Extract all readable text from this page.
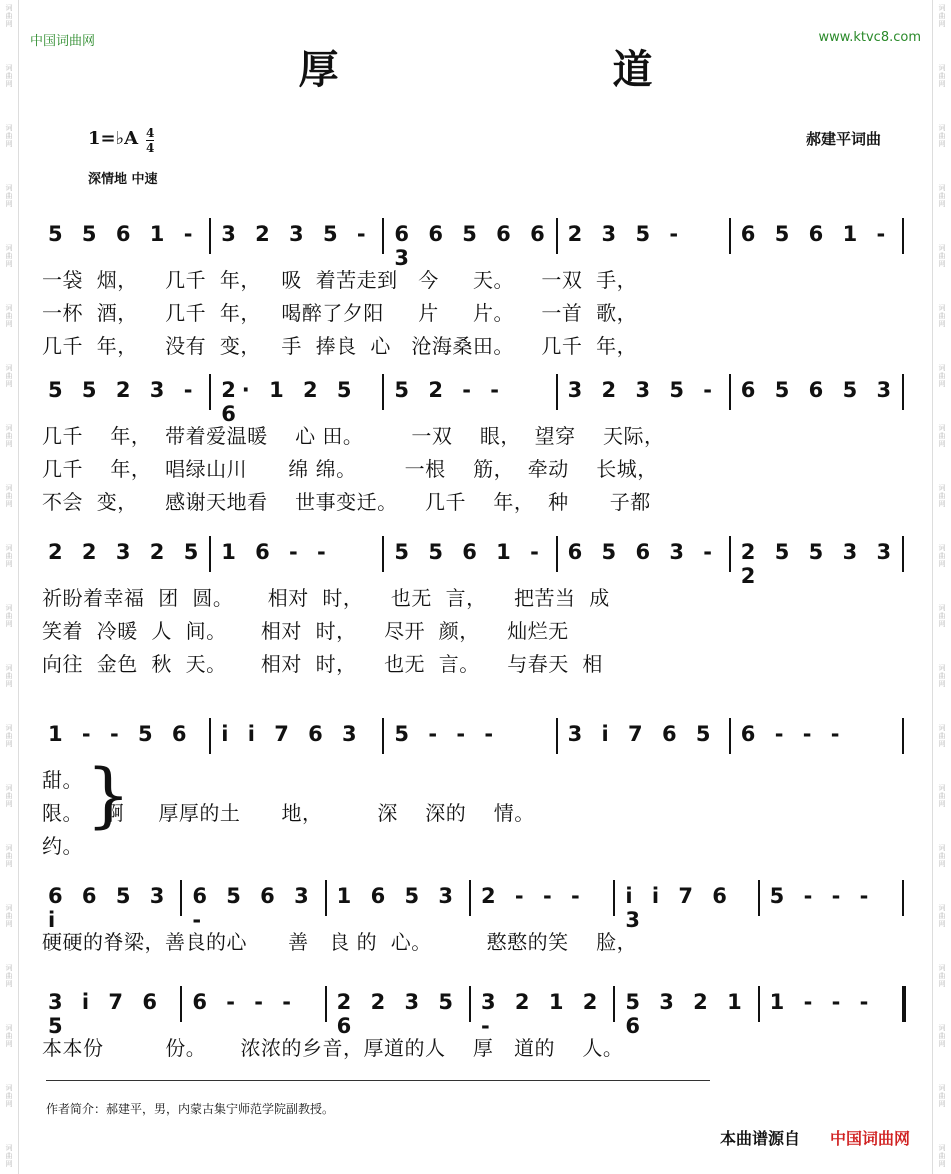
词曲网
词曲网
词曲网
词曲网
词曲网
词曲网
词曲网
词曲网
词曲网
词曲网
词曲网
词曲网
词曲网
词曲网
词曲网
词曲网
词曲网
词曲网
词曲网
词曲网
词曲网
词曲网
词曲网
词曲网
词曲网
词曲网
词曲网
词曲网
词曲网
词曲网
词曲网
词曲网
词曲网
词曲网
词曲网
词曲网
词曲网
词曲网
词曲网
词曲网
中国词曲网	www.ktvc8.com
厚 道
1=♭A 4
4	郝建平词曲
深情地 中速
5 5 6 1 -	3 2 3 5 -	6 6 5 6 6 3
2 3 5 -	6 5 6 1 -
一袋  烟，    几千  年，   吸  着苦走到   今     天。    一双  手，
一杯  酒，    几千  年，   喝醉了夕阳     片     片。    一首  歌，
几千  年，    没有  变，   手  捧良  心   沧海桑田。    几千  年，
5 5 2 3 -	2· 1 2 5 6
5 2 - -	3 2 3 5 -	6 5 6 5 3
几千    年，  带着爱温暖    心 田。       一双    眼，  望穿    天际，
几千    年，  唱绿山川      绵 绵。       一根    筋，  牵动    长城，
不会  变，    感谢天地看    世事变迁。    几千    年，  种      子都
2 2 3 2 5 1 6 - -	5 5 6 1 -	6 5 6 3 -	2 5 5 3 3 2
祈盼着幸福  团  圆。     相对  时，    也无  言，    把苦当  成
笑着  冷暖  人  间。     相对  时，    尽开  颜，    灿烂无
向往  金色  秋  天。     相对  时，    也无  言。    与春天  相
1 - - 5 6	i i 7 6 3	5 - - -	3 i 7 6 5	6 - - -
甜。
限。   啊     厚厚的土      地，        深    深的    情。
约。
}
6 6 5 3 i
6 5 6 3 -
1 6 5 3	2 - - -	i i 7 6 3
5 - - -
硬硬的脊梁，善良的心      善   良 的  心。        憨憨的笑    脸，
3 i 7 6 5
6 - - -	2 2 3 5 6
3 2 1 2 -
5 3 2 1 6
1 - - -
本本份         份。     浓浓的乡音，厚道的人    厚   道的    人。
作者简介：郝建平，男，内蒙古集宁师范学院副教授。
本曲谱源自 中国词曲网
